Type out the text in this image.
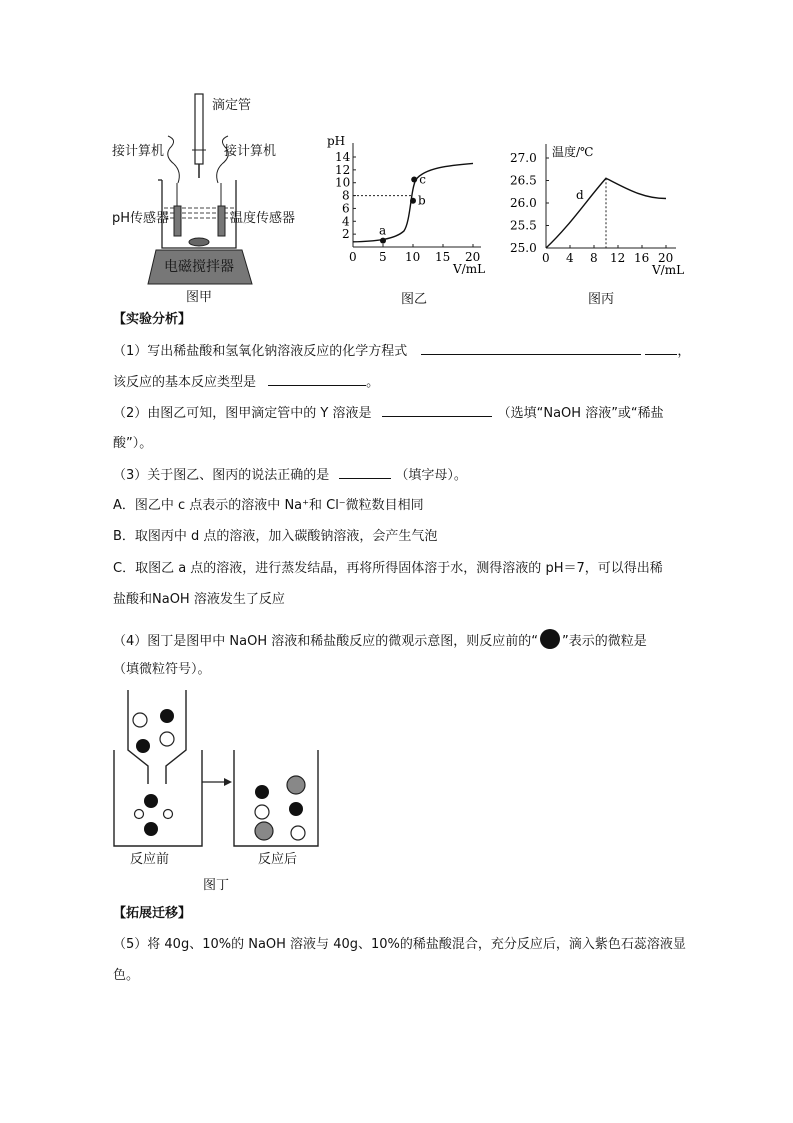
滴定管
接计算机	接计算机
pH传感器	温度传感器
电磁搅拌器
图甲
pH
V/mL
0 5 10 15 20
2
4
6
8
10
12
14
a
b
c
图乙
温度/℃
V/mL
0 4 8 12 16 20
25.0
25.5
26.0
26.5
27.0
d
图丙
【实验分析】
（1）写出稀盐酸和氢氧化钠溶液反应的化学方程式	，
该反应的基本反应类型是	。
（2）由图乙可知，图甲滴定管中的 Y 溶液是	（选填“NaOH 溶液”或“稀盐
酸”）。
（3）关于图乙、图丙的说法正确的是	（填字母）。
A．图乙中 c 点表示的溶液中 Na⁺和 Cl⁻微粒数目相同
B．取图丙中 d 点的溶液，加入碳酸钠溶液，会产生气泡
C．取图乙 a 点的溶液，进行蒸发结晶，再将所得固体溶于水，测得溶液的 pH＝7，可以得出稀
盐酸和NaOH 溶液发生了反应
（4）图丁是图甲中 NaOH 溶液和稀盐酸反应的微观示意图，则反应前的“ ”表示的微粒是
（填微粒符号）。
反应前	反应后
图丁
【拓展迁移】
（5）将 40g、10%的 NaOH 溶液与 40g、10%的稀盐酸混合，充分反应后，滴入紫色石蕊溶液显
色。
